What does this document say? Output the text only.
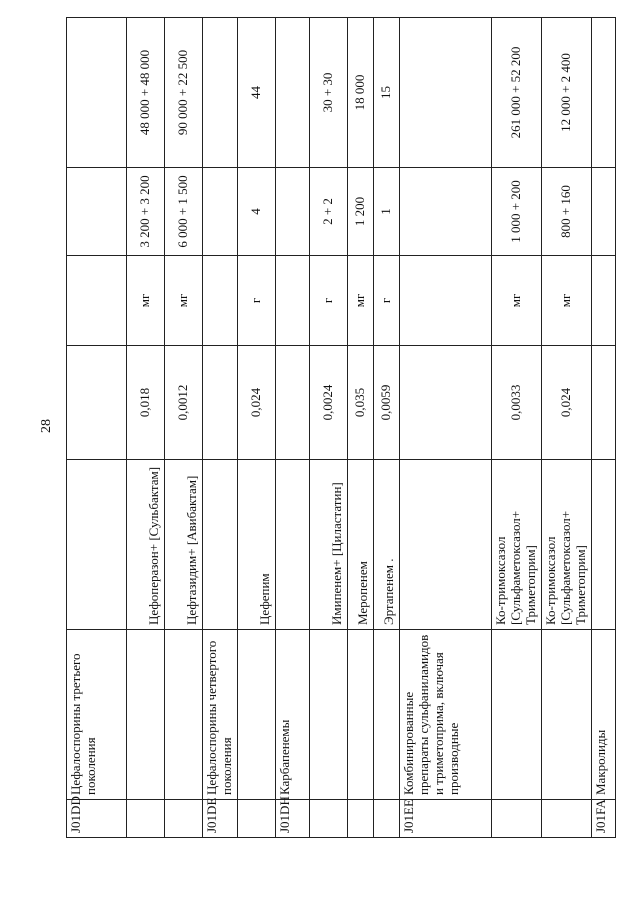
28
J01DD	Цефалоспорины третьего поколения					
		Цефоперазон+ [Сульбактам]	0,018	мг	3 200 + 3 200	48 000 + 48 000
		Цефтазидим+ [Авибактам]	0,0012	мг	6 000 + 1 500	90 000 + 22 500
J01DE	Цефалоспорины четвертого поколения					
		Цефепим	0,024	г	4	44
J01DH	Карбапенемы					
		Имипенем+ [Циластатин]	0,0024	г	2 + 2	30 + 30
		Меропенем	0,035	мг	1 200	18 000
		Эртапенем .	0,0059	г	1	15
J01EE	Комбинированные препараты сульфаниламидов и триметоприма, включая производные					
		Ко-тримоксазол [Сульфаметоксазол+ Триметоприм]	0,0033	мг	1 000 + 200	261 000 + 52 200
		Ко-тримоксазол [Сульфаметоксазол+ Триметоприм]	0,024	мг	800 + 160	12 000 + 2 400
J01FA	Макролиды					
